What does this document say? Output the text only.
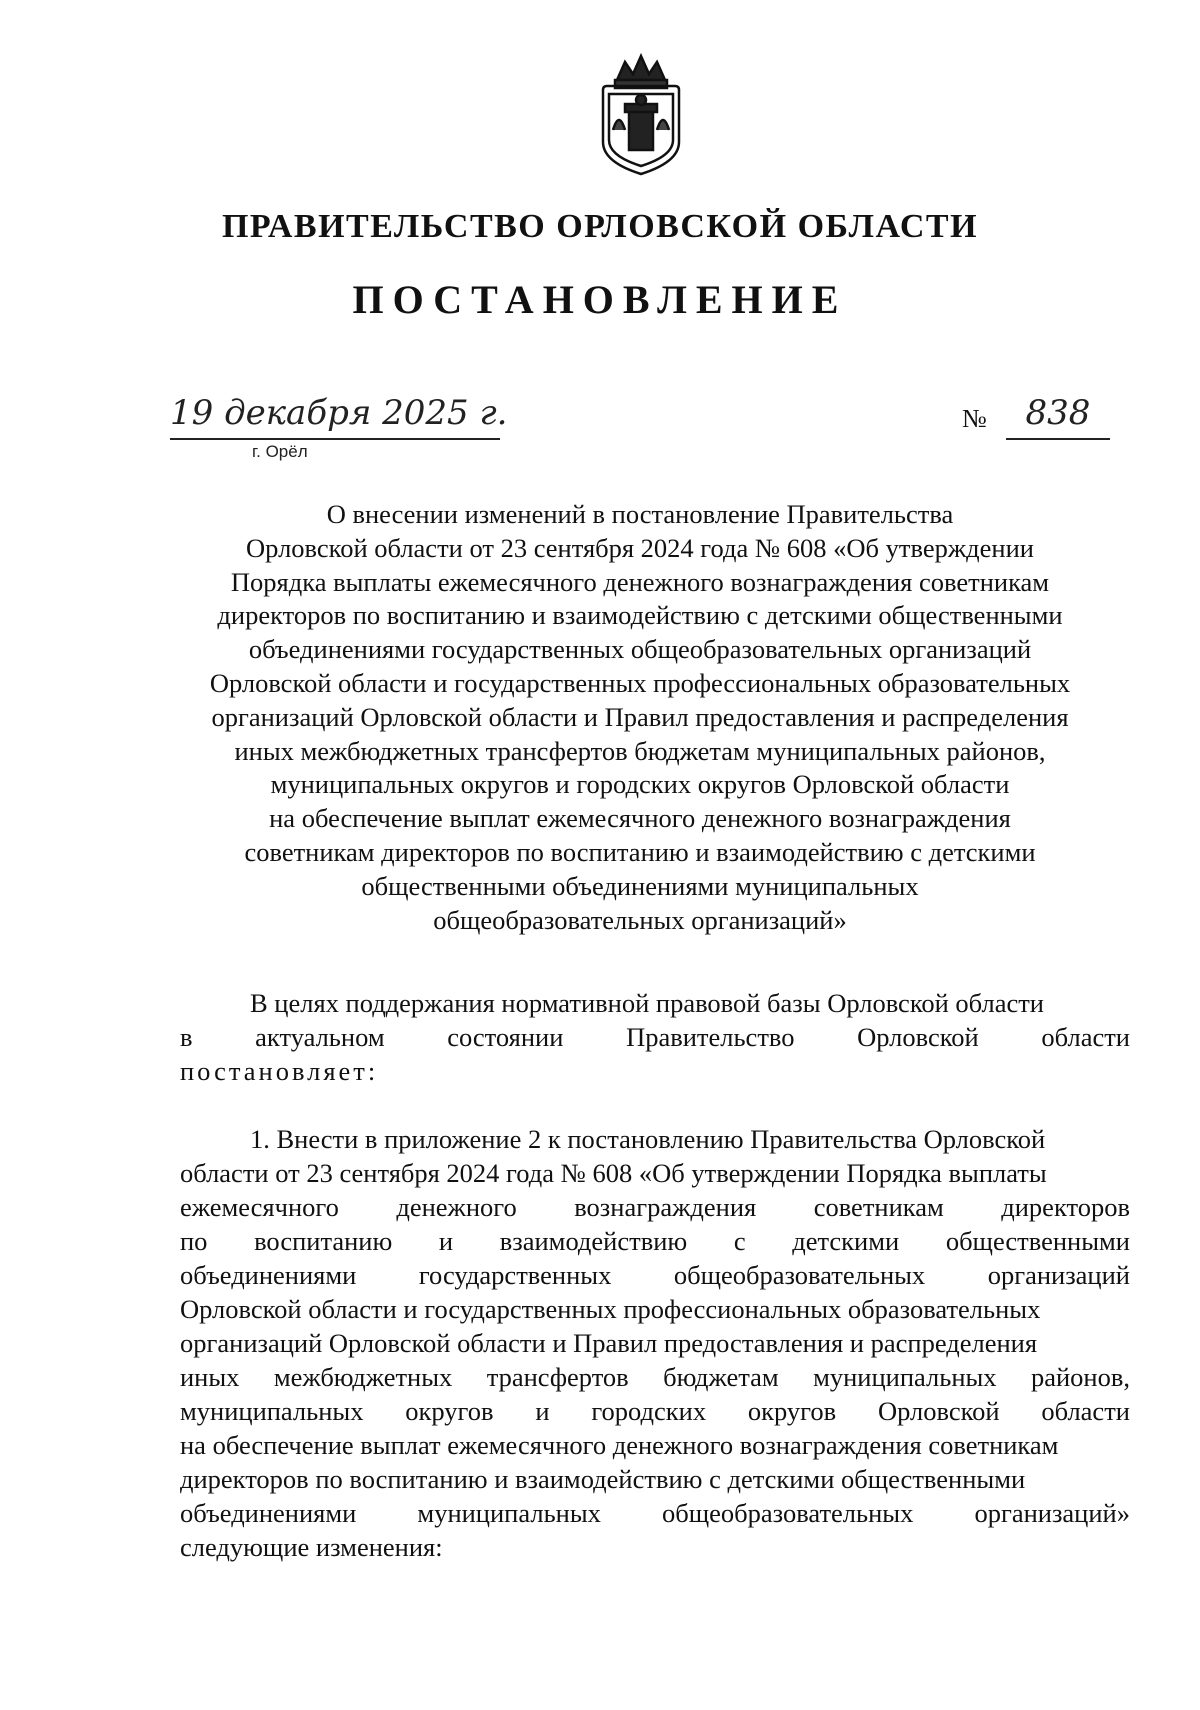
ПРАВИТЕЛЬСТВО ОРЛОВСКОЙ ОБЛАСТИ
ПОСТАНОВЛЕНИЕ
19 декабря 2025 г.
г. Орёл
№	838
О внесении изменений в постановление Правительства
Орловской области от 23 сентября 2024 года № 608 «Об утверждении
Порядка выплаты ежемесячного денежного вознаграждения советникам
директоров по воспитанию и взаимодействию с детскими общественными
объединениями государственных общеобразовательных организаций
Орловской области и государственных профессиональных образовательных
организаций Орловской области и Правил предоставления и распределения
иных межбюджетных трансфертов бюджетам муниципальных районов,
муниципальных округов и городских округов Орловской области
на обеспечение выплат ежемесячного денежного вознаграждения
советникам директоров по воспитанию и взаимодействию с детскими
общественными объединениями муниципальных
общеобразовательных организаций»
В целях поддержания нормативной правовой базы Орловской области
в актуальном состоянии Правительство Орловской области
постановляет:
1. Внести в приложение 2 к постановлению Правительства Орловской
области от 23 сентября 2024 года № 608 «Об утверждении Порядка выплаты
ежемесячного денежного вознаграждения советникам директоров
по воспитанию и взаимодействию с детскими общественными
объединениями государственных общеобразовательных организаций
Орловской области и государственных профессиональных образовательных
организаций Орловской области и Правил предоставления и распределения
иных межбюджетных трансфертов бюджетам муниципальных районов,
муниципальных округов и городских округов Орловской области
на обеспечение выплат ежемесячного денежного вознаграждения советникам
директоров по воспитанию и взаимодействию с детскими общественными
объединениями муниципальных общеобразовательных организаций»
следующие изменения:
